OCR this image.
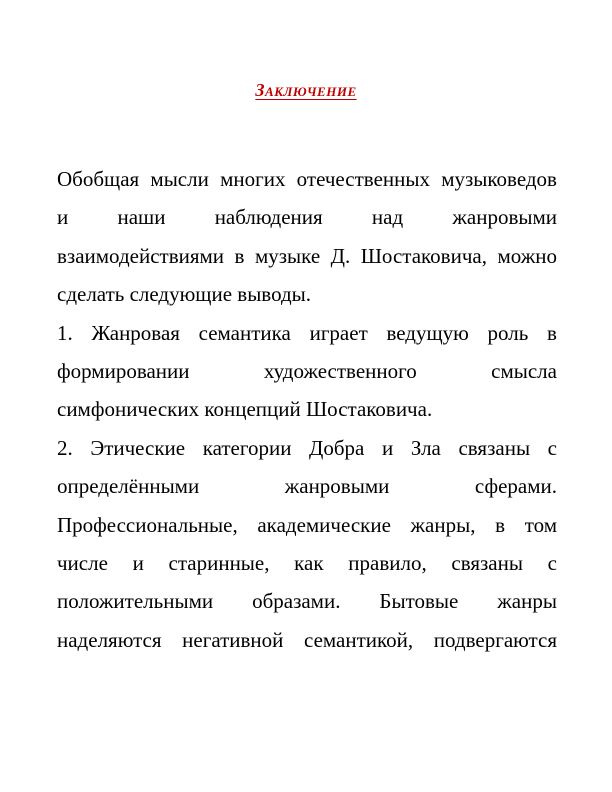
Заключение
Обобщая мысли многих отечественных музыковедов
и наши наблюдения над жанровыми
взаимодействиями в музыке Д. Шостаковича, можно
сделать следующие выводы.
1. Жанровая семантика играет ведущую роль в
формировании	художественного	смысла
симфонических концепций Шостаковича.
2. Этические категории Добра и Зла связаны с
определёнными	жанровыми	сферами.
Профессиональные, академические жанры, в том
числе и старинные, как правило, связаны с
положительными образами. Бытовые жанры
наделяются негативной семантикой, подвергаются
